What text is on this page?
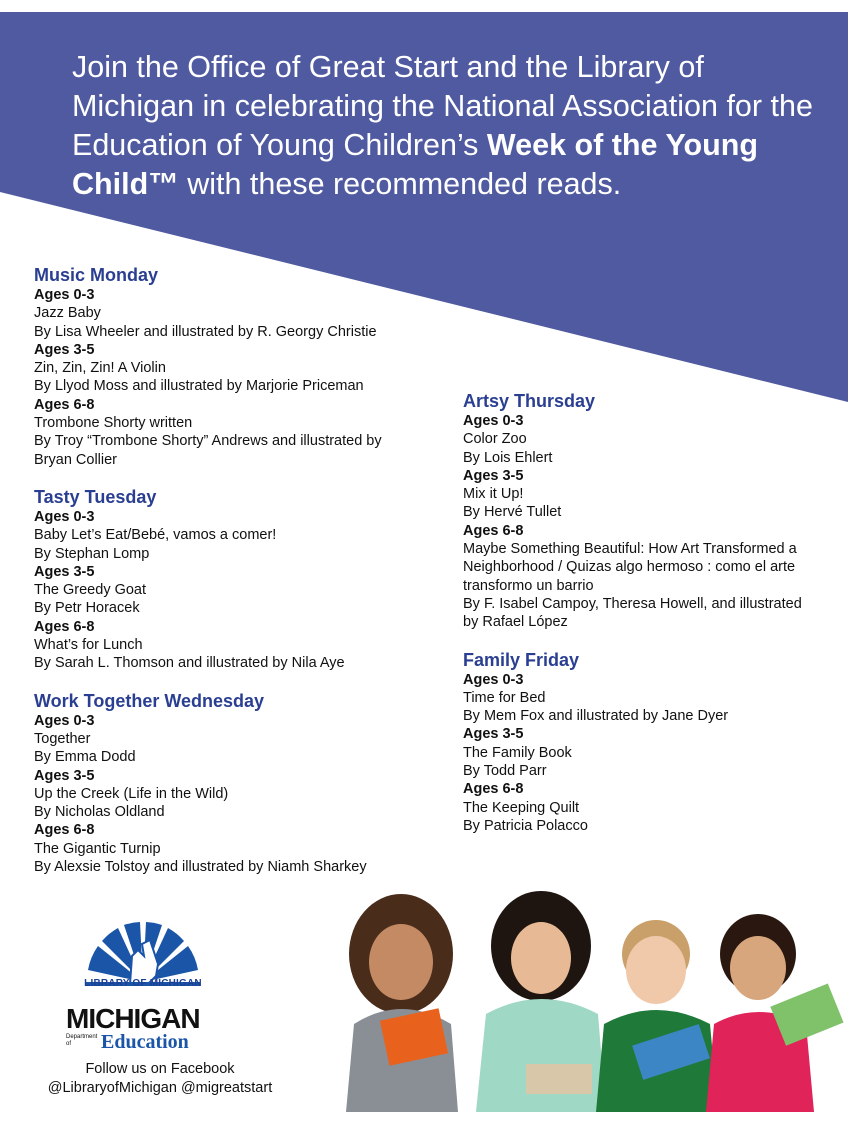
Join the Office of Great Start and the Library of Michigan in celebrating the National Association for the Education of Young Children’s Week of the Young Child™ with these recommended reads.
Music Monday
Ages 0-3
Jazz Baby
By Lisa Wheeler and illustrated by R. Georgy Christie
Ages 3-5
Zin, Zin, Zin! A Violin
By Llyod Moss and illustrated by Marjorie Priceman
Ages 6-8
Trombone Shorty written
By Troy “Trombone Shorty” Andrews and illustrated by
Bryan Collier
Tasty Tuesday
Ages 0-3
Baby Let’s Eat/Bebé, vamos a comer!
By Stephan Lomp
Ages 3-5
The Greedy Goat
By Petr Horacek
Ages 6-8
What’s for Lunch
By Sarah L. Thomson and illustrated by Nila Aye
Work Together Wednesday
Ages 0-3
Together
By Emma Dodd
Ages 3-5
Up the Creek (Life in the Wild)
By Nicholas Oldland
Ages 6-8
The Gigantic Turnip
By Alexsie Tolstoy and illustrated by Niamh Sharkey
Artsy Thursday
Ages 0-3
Color Zoo
By Lois Ehlert
Ages 3-5
Mix it Up!
By Hervé Tullet
Ages 6-8
Maybe Something Beautiful: How Art Transformed a
Neighborhood / Quizas algo hermoso : como el arte
transformo un barrio
By F. Isabel Campoy, Theresa Howell, and illustrated
by Rafael López
Family Friday
Ages 0-3
Time for Bed
By Mem Fox and illustrated by Jane Dyer
Ages 3-5
The Family Book
By Todd Parr
Ages 6-8
The Keeping Quilt
By Patricia Polacco
LIBRARY OF MICHIGAN
MICHIGAN
Department of	Education
Follow us on Facebook
@LibraryofMichigan @migreatstart
